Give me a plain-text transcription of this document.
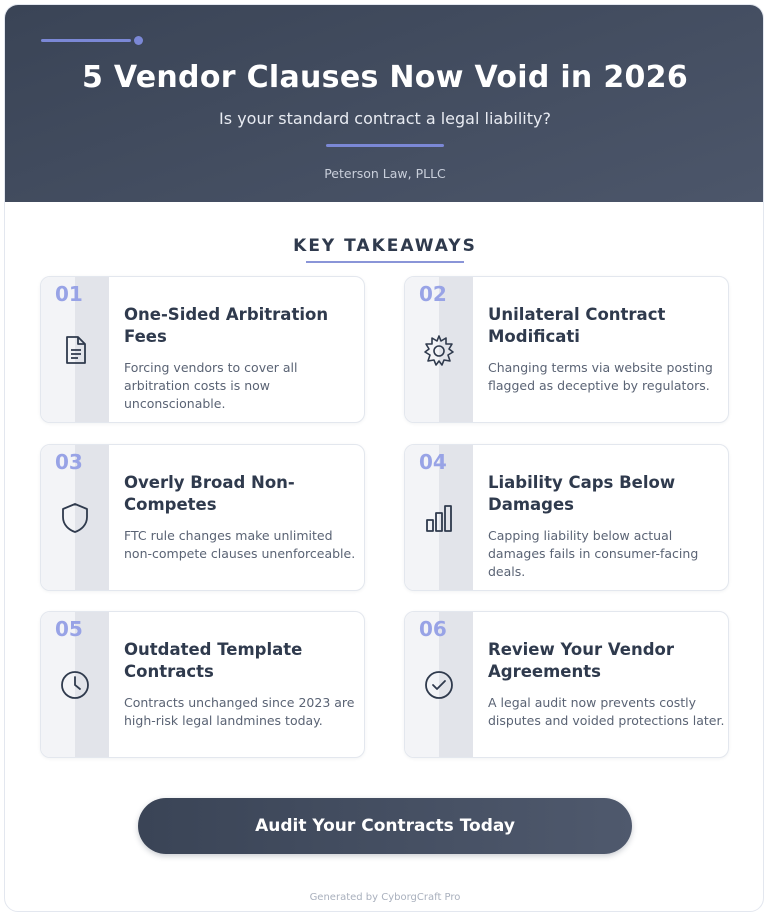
5 Vendor Clauses Now Void in 2026
Is your standard contract a legal liability?
Peterson Law, PLLC
KEY TAKEAWAYS
01
One-Sided Arbitration Fees
Forcing vendors to cover all arbitration costs is now unconscionable.
02
Unilateral Contract Modificati
Changing terms via website posting flagged as deceptive by regulators.
03
Overly Broad Non-Competes
FTC rule changes make unlimited non-compete clauses unenforceable.
04
Liability Caps Below Damages
Capping liability below actual damages fails in consumer-facing deals.
05
Outdated Template Contracts
Contracts unchanged since 2023 are high-risk legal landmines today.
06
Review Your Vendor Agreements
A legal audit now prevents costly disputes and voided protections later.
Audit Your Contracts Today
Generated by CyborgCraft Pro
